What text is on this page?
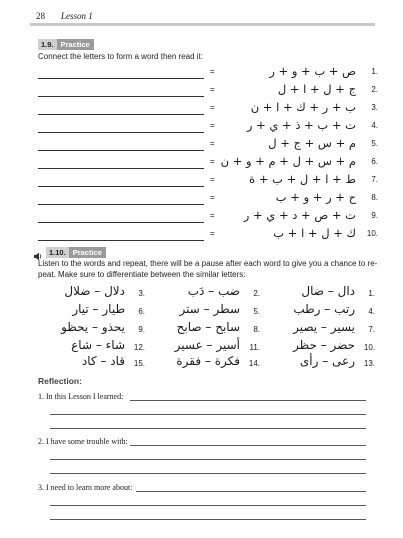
28 Lesson 1
1.9. Practice
Connect the letters to form a word then read it:
=	ص + ب + و + ر 1.
=	ج + ل + ا + ل 2.
=	ب + ر + ك + ا + ن 3.
=	ت + ب + ذ + ي + ر 4.
=	م + س + ج + ل 5.
= م + س + ل + م + و + ن 6.
=	ط + ا + ل + ب + ة 7.
=	ح + ر + و + ب 8.
=	ت + ص + د + ي + ر 9.
=	ك + ل + ا + ب 10.
1.10. Practice
Listen to the words and repeat, there will be a pause after each word to give you a chance to re-
peat. Make sure to differentiate between the similar letters:
دال – ضال 1.
ضب – دَب 2.
دلال – ضلال 3.
رتب – رطب 4.
سطر – ستر 5.
طيار – تيار 6.
يسير – يصير 7.
سابح – صابح 8.
يحذو – يحظو 9.
حضر – حظر 10.
أسير – عسير 11.
شاء – شاع 12.
رعى – رأى 13.
فكرة – فقرة 14.
قاد – كاد 15.
Reflection:
1. In this Lesson I learned:
2. I have some trouble with:
3. I need to learn more about:
